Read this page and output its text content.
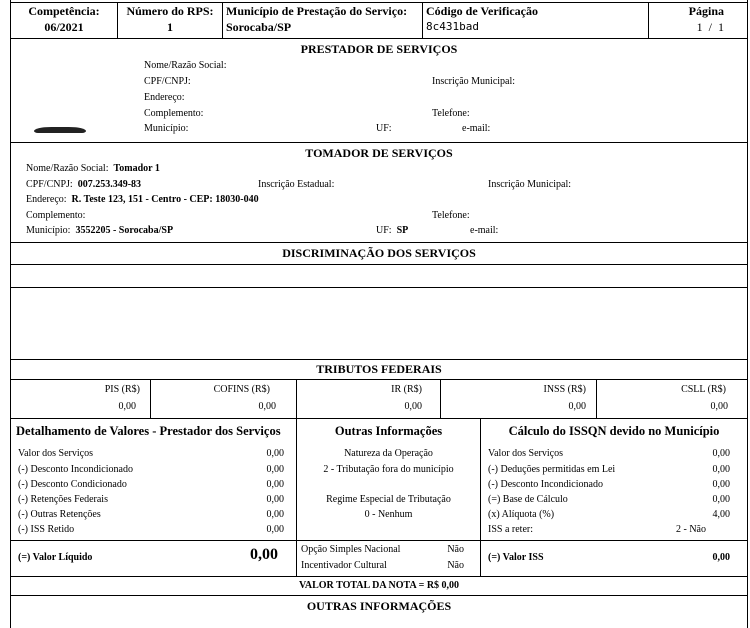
Competência:
06/2021
Número do RPS:
1
Município de Prestação do Serviço:
Sorocaba/SP
Código de Verificação
8c431bad
Página
1  /  1
PRESTADOR DE SERVIÇOS
Nome/Razão Social:
CPF/CNPJ:	Inscrição Municipal:
Endereço:
Complemento:	Telefone:
Município:	UF:	e-mail:
TOMADOR DE SERVIÇOS
Nome/Razão Social: Tomador 1
CPF/CNPJ: 007.253.349-83	Inscrição Estadual:	Inscrição Municipal:
Endereço: R. Teste 123, 151 - Centro - CEP: 18030-040
Complemento:	Telefone:
Município: 3552205 - Sorocaba/SP	UF: SP	e-mail:
DISCRIMINAÇÃO DOS SERVIÇOS
TRIBUTOS FEDERAIS
PIS (R$)
0,00
COFINS (R$)
0,00
IR (R$)
0,00
INSS (R$)
0,00
CSLL (R$)
0,00
Detalhamento de Valores - Prestador dos Serviços
Valor dos Serviços	0,00
(-) Desconto Incondicionado	0,00
(-) Desconto Condicionado	0,00
(-) Retenções Federais	0,00
(-) Outras Retenções	0,00
(-) ISS Retido	0,00
(=) Valor Líquido	0,00
Outras Informações
Natureza da Operação
2 - Tributação fora do município
Regime Especial de Tributação
0 - Nenhum
Opção Simples Nacional	Não
Incentivador Cultural	Não
Cálculo do ISSQN devido no Município
Valor dos Serviços	0,00
(-) Deduções permitidas em Lei	0,00
(-) Desconto Incondicionado	0,00
(=) Base de Cálculo	0,00
(x) Alíquota (%)	4,00
ISS a reter:	2 - Não
(=) Valor ISS	0,00
VALOR TOTAL DA NOTA = R$ 0,00
OUTRAS INFORMAÇÕES
